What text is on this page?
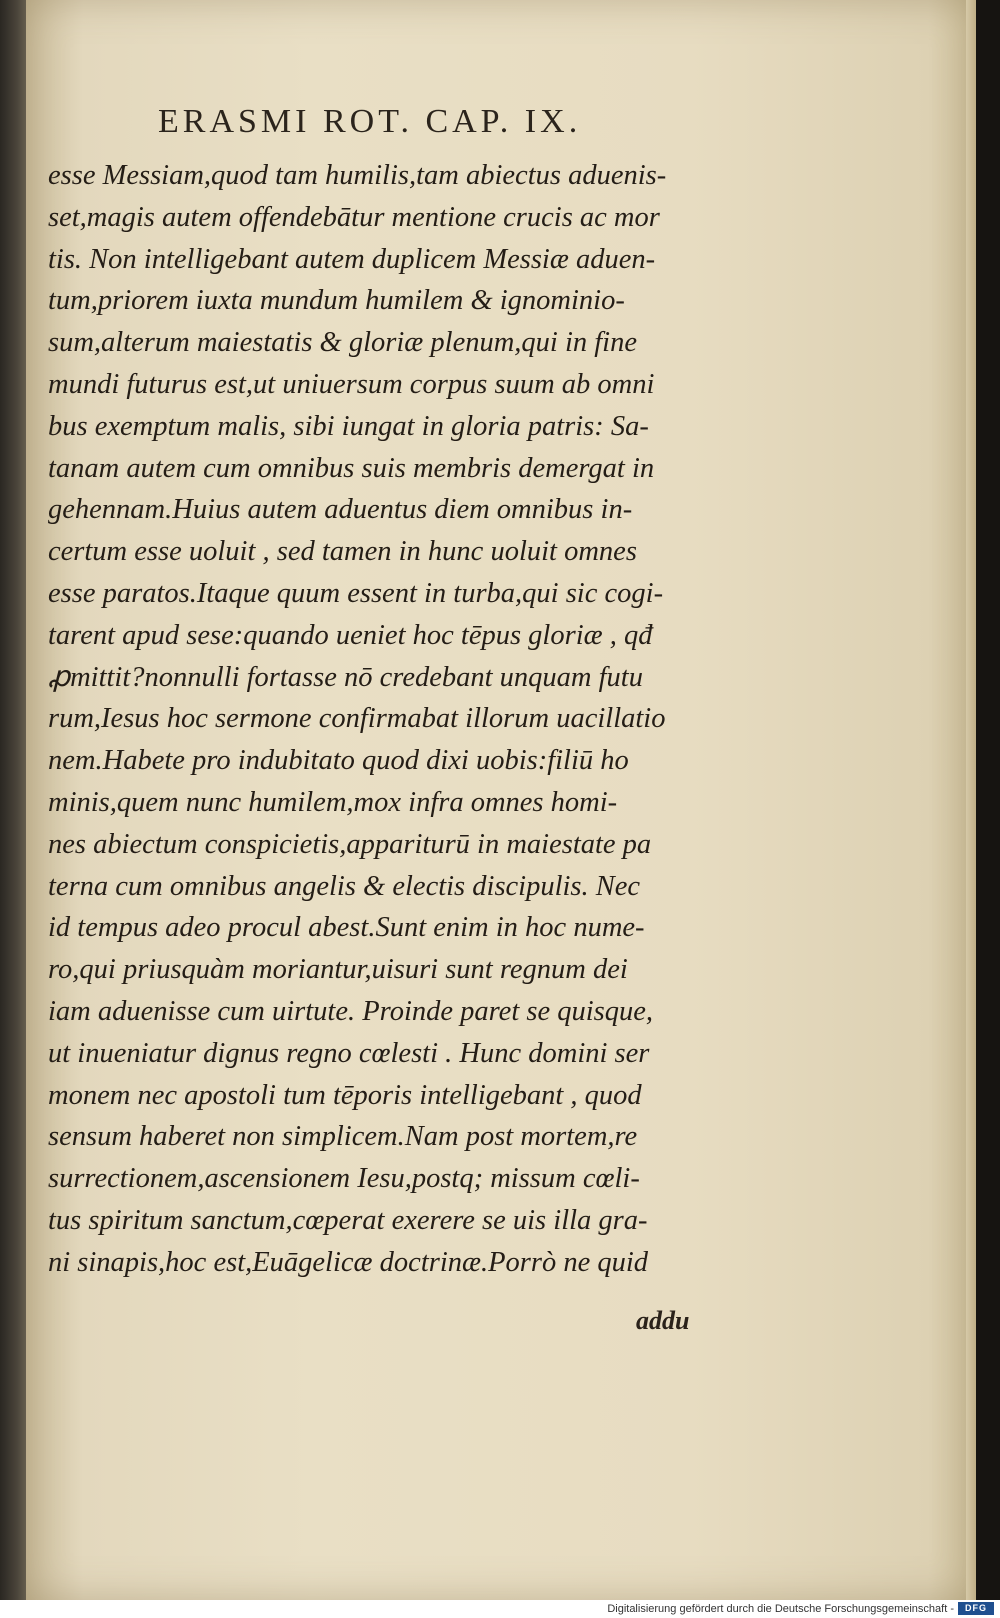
ERASMI ROT. CAP. IX.
esse Messiam,quod tam humilis,tam abiectus aduenis-
set,magis autem offendebātur mentione crucis ac mor
tis. Non intelligebant autem duplicem Messiæ aduen-
tum,priorem iuxta mundum humilem & ignominio-
sum,alterum maiestatis & gloriæ plenum,qui in fine
mundi futurus est,ut uniuersum corpus suum ab omni
bus exemptum malis, sibi iungat in gloria patris: Sa-
tanam autem cum omnibus suis membris demergat in
gehennam.Huius autem aduentus diem omnibus in-
certum esse uoluit , sed tamen in hunc uoluit omnes
esse paratos.Itaque quum essent in turba,qui sic cogi-
tarent apud sese:quando ueniet hoc tēpus gloriæ , qđ
ꝓmittit?nonnulli fortasse nō credebant unquam futu
rum,Iesus hoc sermone confirmabat illorum uacillatio
nem.Habete pro indubitato quod dixi uobis:filiū ho
minis,quem nunc humilem,mox infra omnes homi-
nes abiectum conspicietis,appariturū in maiestate pa
terna cum omnibus angelis & electis discipulis. Nec
id tempus adeo procul abest.Sunt enim in hoc nume-
ro,qui priusquàm moriantur,uisuri sunt regnum dei
iam aduenisse cum uirtute. Proinde paret se quisque,
ut inueniatur dignus regno cœlesti . Hunc domini ser
monem nec apostoli tum tēporis intelligebant , quod
sensum haberet non simplicem.Nam post mortem,re
surrectionem,ascensionem Iesu,postq; missum cœli-
tus spiritum sanctum,cœperat exerere se uis illa gra-
ni sinapis,hoc est,Euāgelicæ doctrinæ.Porrò ne quid
addu
Digitalisierung gefördert durch die Deutsche Forschungsgemeinschaft -	DFG
